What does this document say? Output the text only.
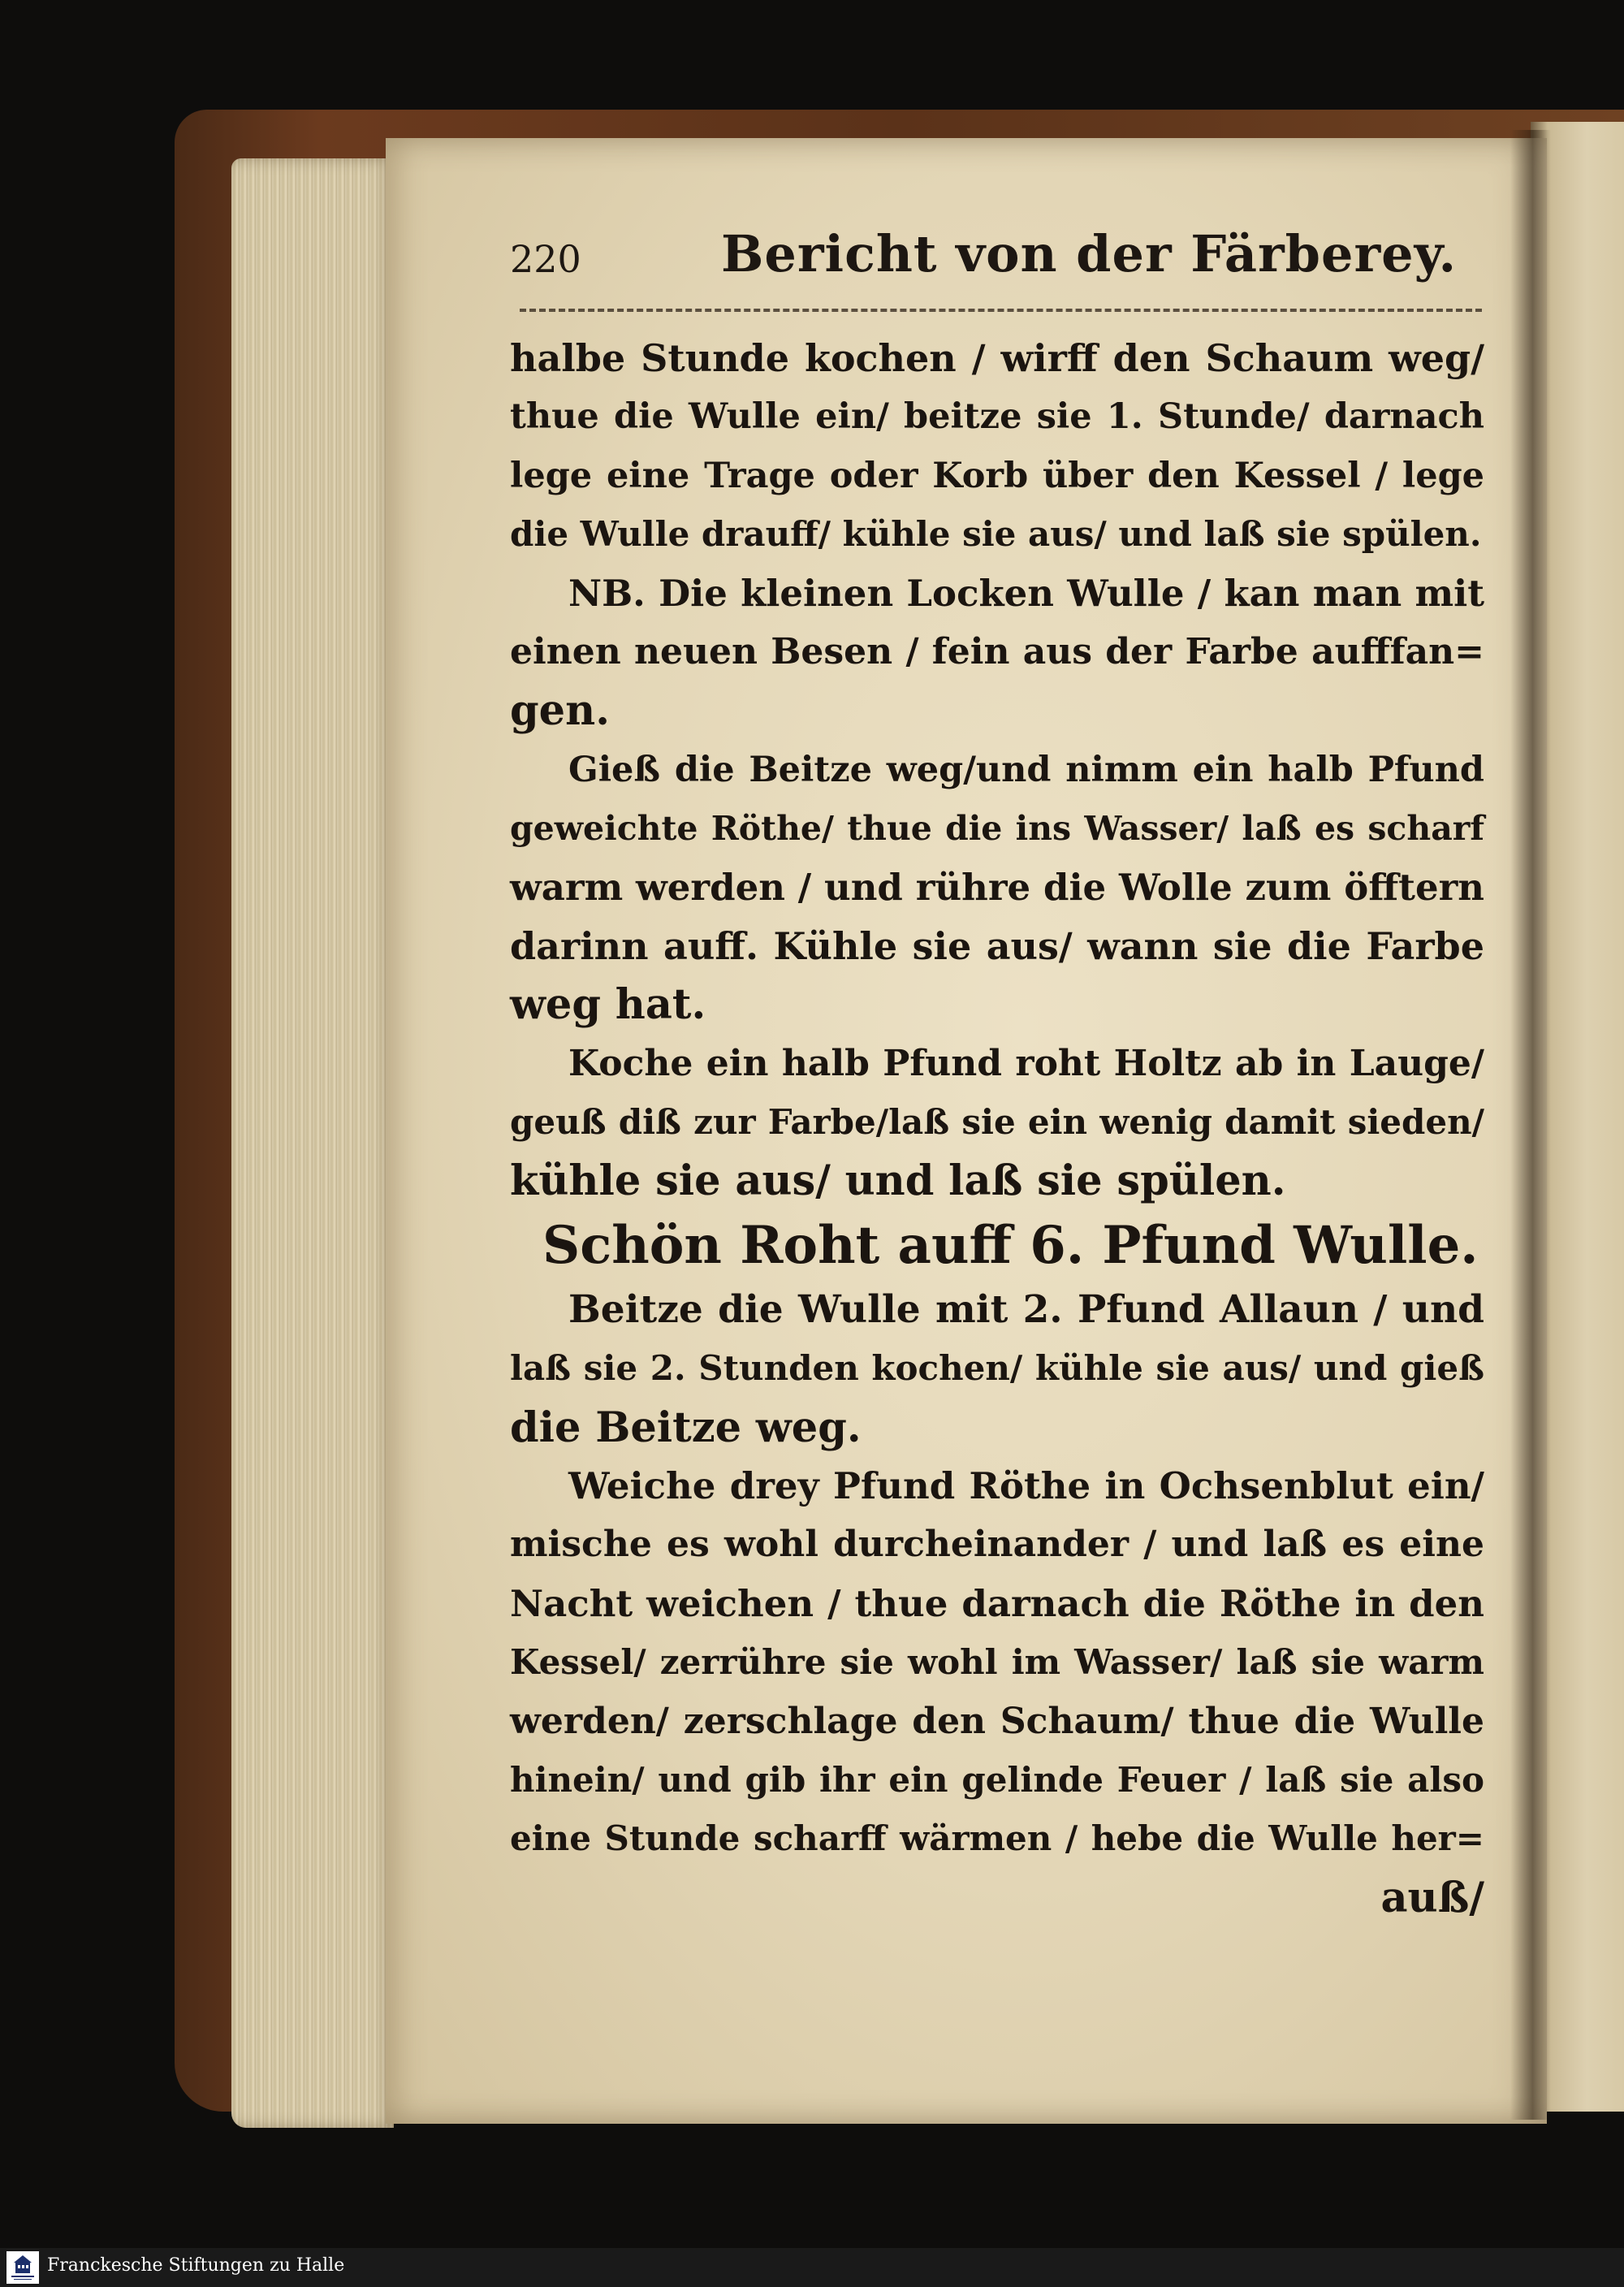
220	Bericht von der Färberey.
halbe Stunde kochen / wirff den Schaum weg/
thue die Wulle ein/ beitze sie 1. Stunde/ darnach
lege eine Trage oder Korb über den Kessel / lege
die Wulle drauff/ kühle sie aus/ und laß sie spülen.
NB. Die kleinen Locken Wulle / kan man mit
einen neuen Besen / fein aus der Farbe aufffan=
gen.
Gieß die Beitze weg/und nimm ein halb Pfund
geweichte Röthe/ thue die ins Wasser/ laß es scharf
warm werden / und rühre die Wolle zum öfftern
darinn auff. Kühle sie aus/ wann sie die Farbe
weg hat.
Koche ein halb Pfund roht Holtz ab in Lauge/
geuß diß zur Farbe/laß sie ein wenig damit sieden/
kühle sie aus/ und laß sie spülen.
Schön Roht auff 6. Pfund Wulle.
Beitze die Wulle mit 2. Pfund Allaun / und
laß sie 2. Stunden kochen/ kühle sie aus/ und gieß
die Beitze weg.
Weiche drey Pfund Röthe in Ochsenblut ein/
mische es wohl durcheinander / und laß es eine
Nacht weichen / thue darnach die Röthe in den
Kessel/ zerrühre sie wohl im Wasser/ laß sie warm
werden/ zerschlage den Schaum/ thue die Wulle
hinein/ und gib ihr ein gelinde Feuer / laß sie also
eine Stunde scharff wärmen / hebe die Wulle her=
auß/
Franckesche Stiftungen zu Halle
